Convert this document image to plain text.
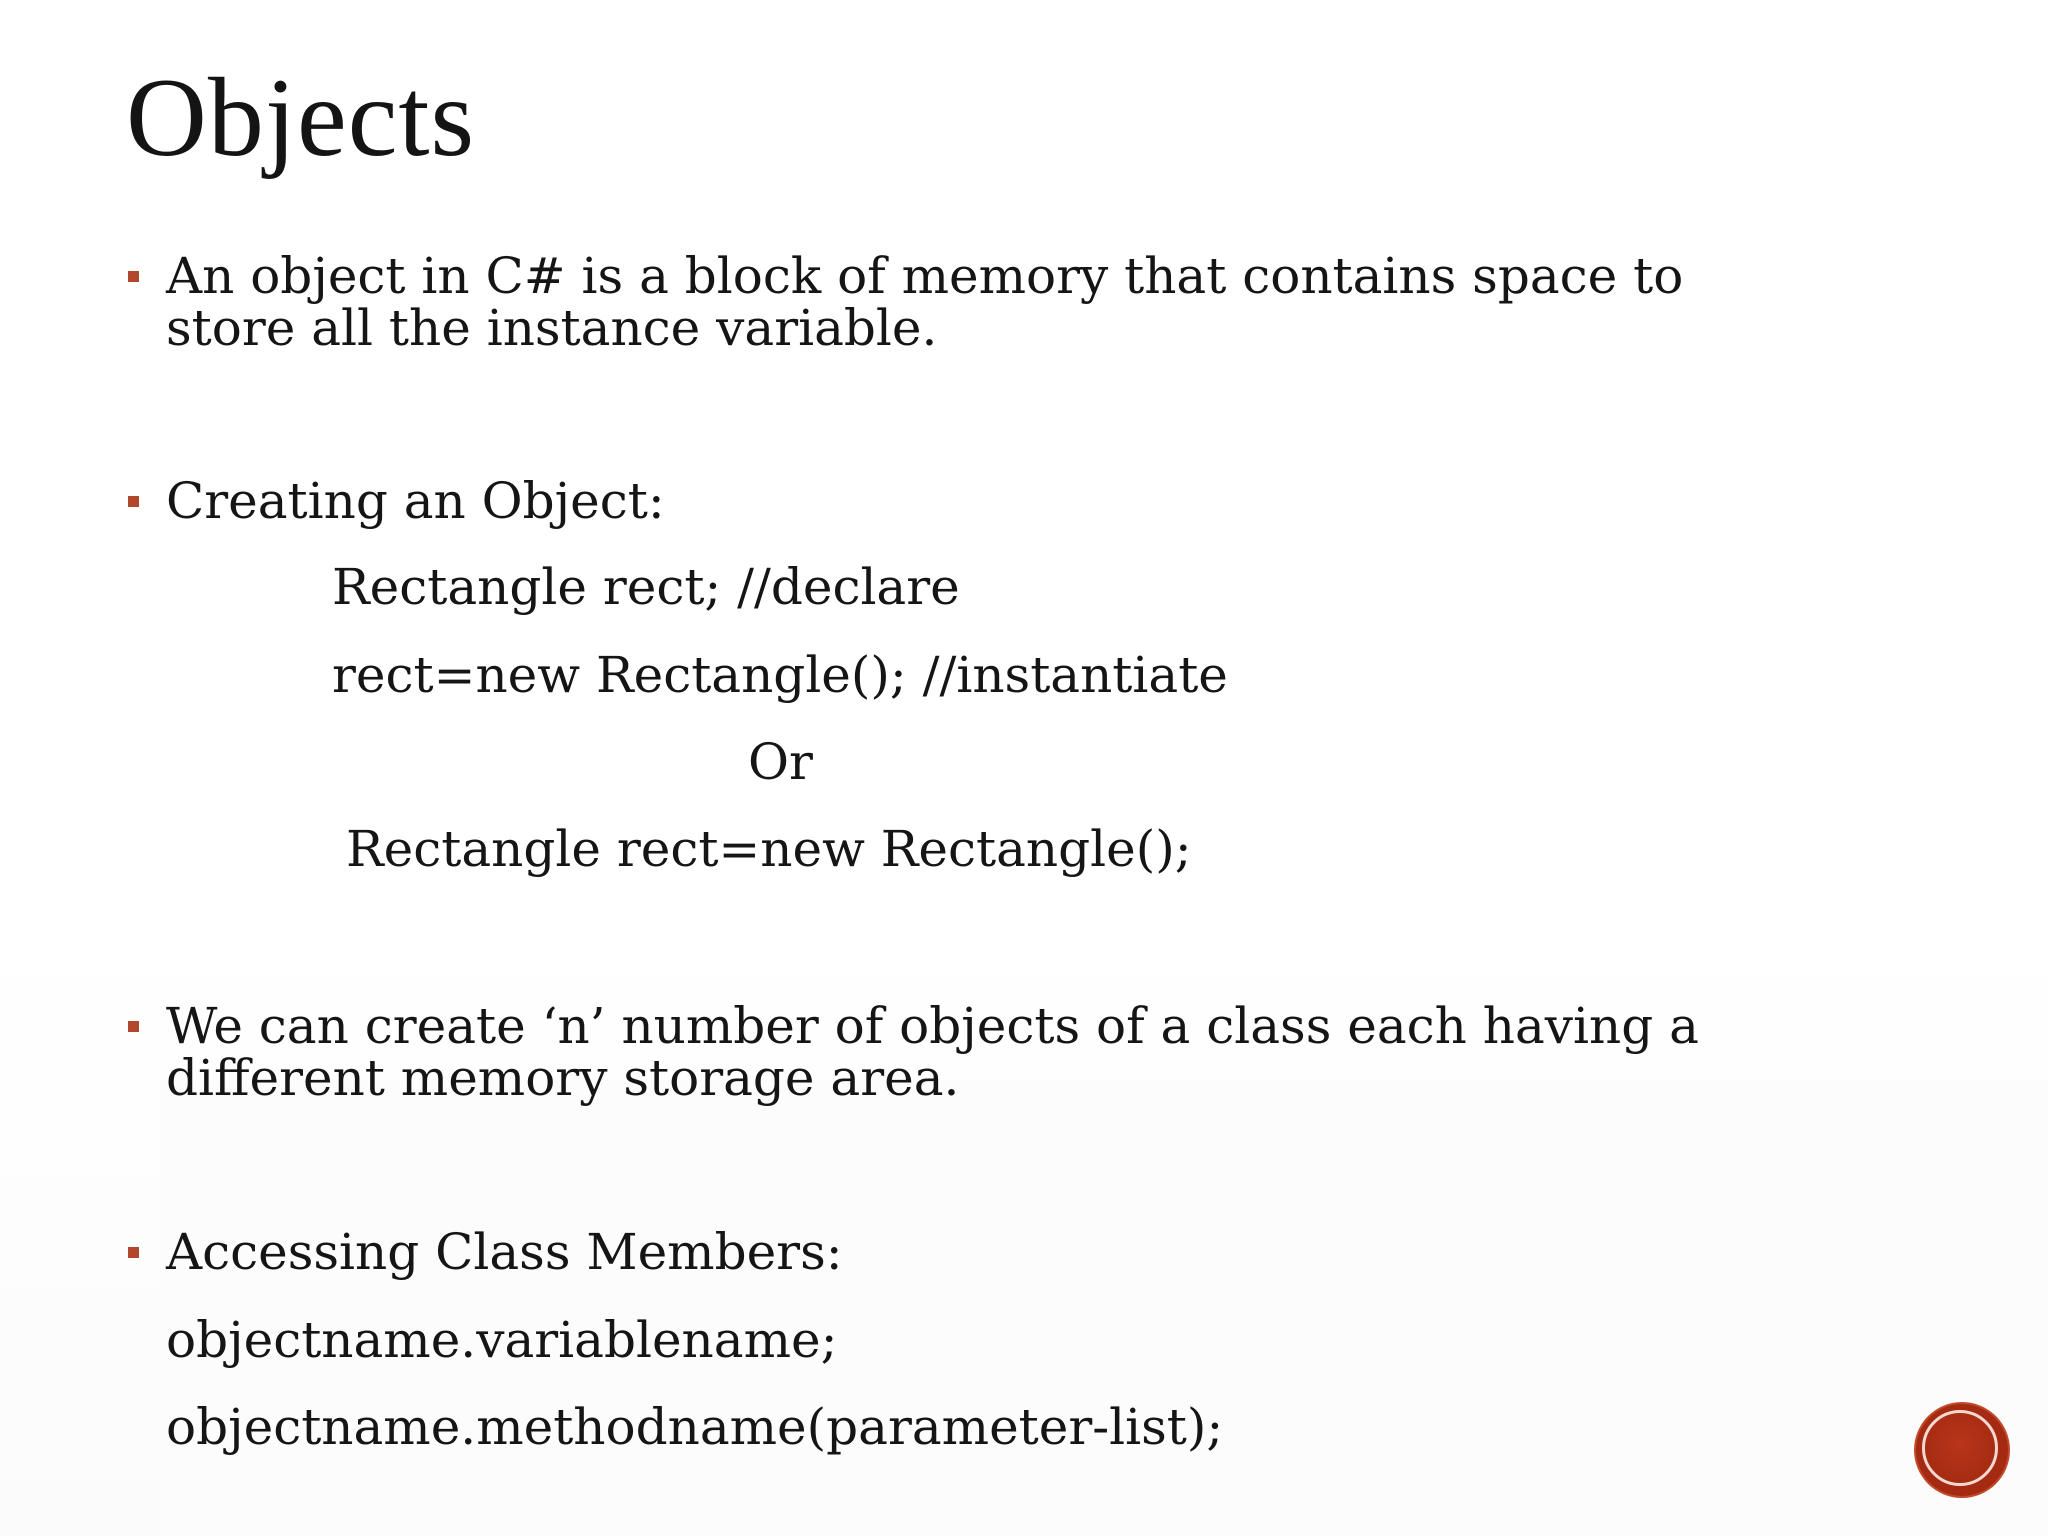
Objects
An object in C# is a block of memory that contains space to
store all the instance variable.
Creating an Object:
Rectangle rect; //declare
rect=new Rectangle(); //instantiate
Or
Rectangle rect=new Rectangle();
We can create ‘n’ number of objects of a class each having a
different memory storage area.
Accessing Class Members:
objectname.variablename;
objectname.methodname(parameter-list);
